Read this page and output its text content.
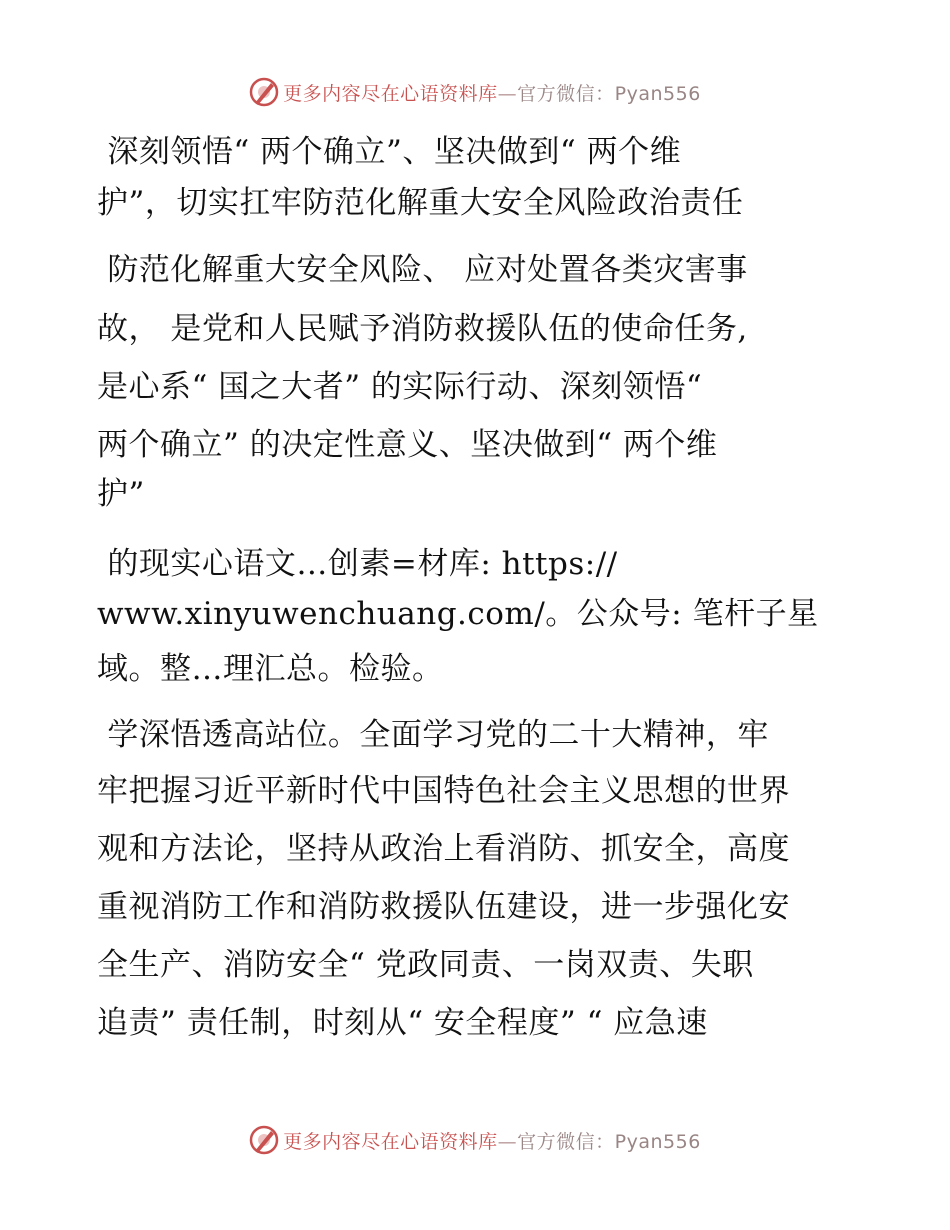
更多内容尽在心语资料库—官方微信：Pyan556
深刻领悟“ 两个确立”、坚决做到“ 两个维
护”，切实扛牢防范化解重大安全风险政治责任
防范化解重大安全风险、 应对处置各类灾害事
故， 是党和人民赋予消防救援队伍的使命任务,
是心系“ 国之大者” 的实际行动、深刻领悟“
两个确立” 的决定性意义、坚决做到“ 两个维
护”
的现实心语文…创素=材库: https://
www.xinyuwenchuang.com/。公众号: 笔杆子星
域。整…理汇总。检验。
学深悟透高站位。全面学习党的二十大精神，牢
牢把握习近平新时代中国特色社会主义思想的世界
观和方法论，坚持从政治上看消防、抓安全，高度
重视消防工作和消防救援队伍建设，进一步强化安
全生产、消防安全“ 党政同责、一岗双责、失职
追责” 责任制，时刻从“ 安全程度” “ 应急速
更多内容尽在心语资料库—官方微信：Pyan556
